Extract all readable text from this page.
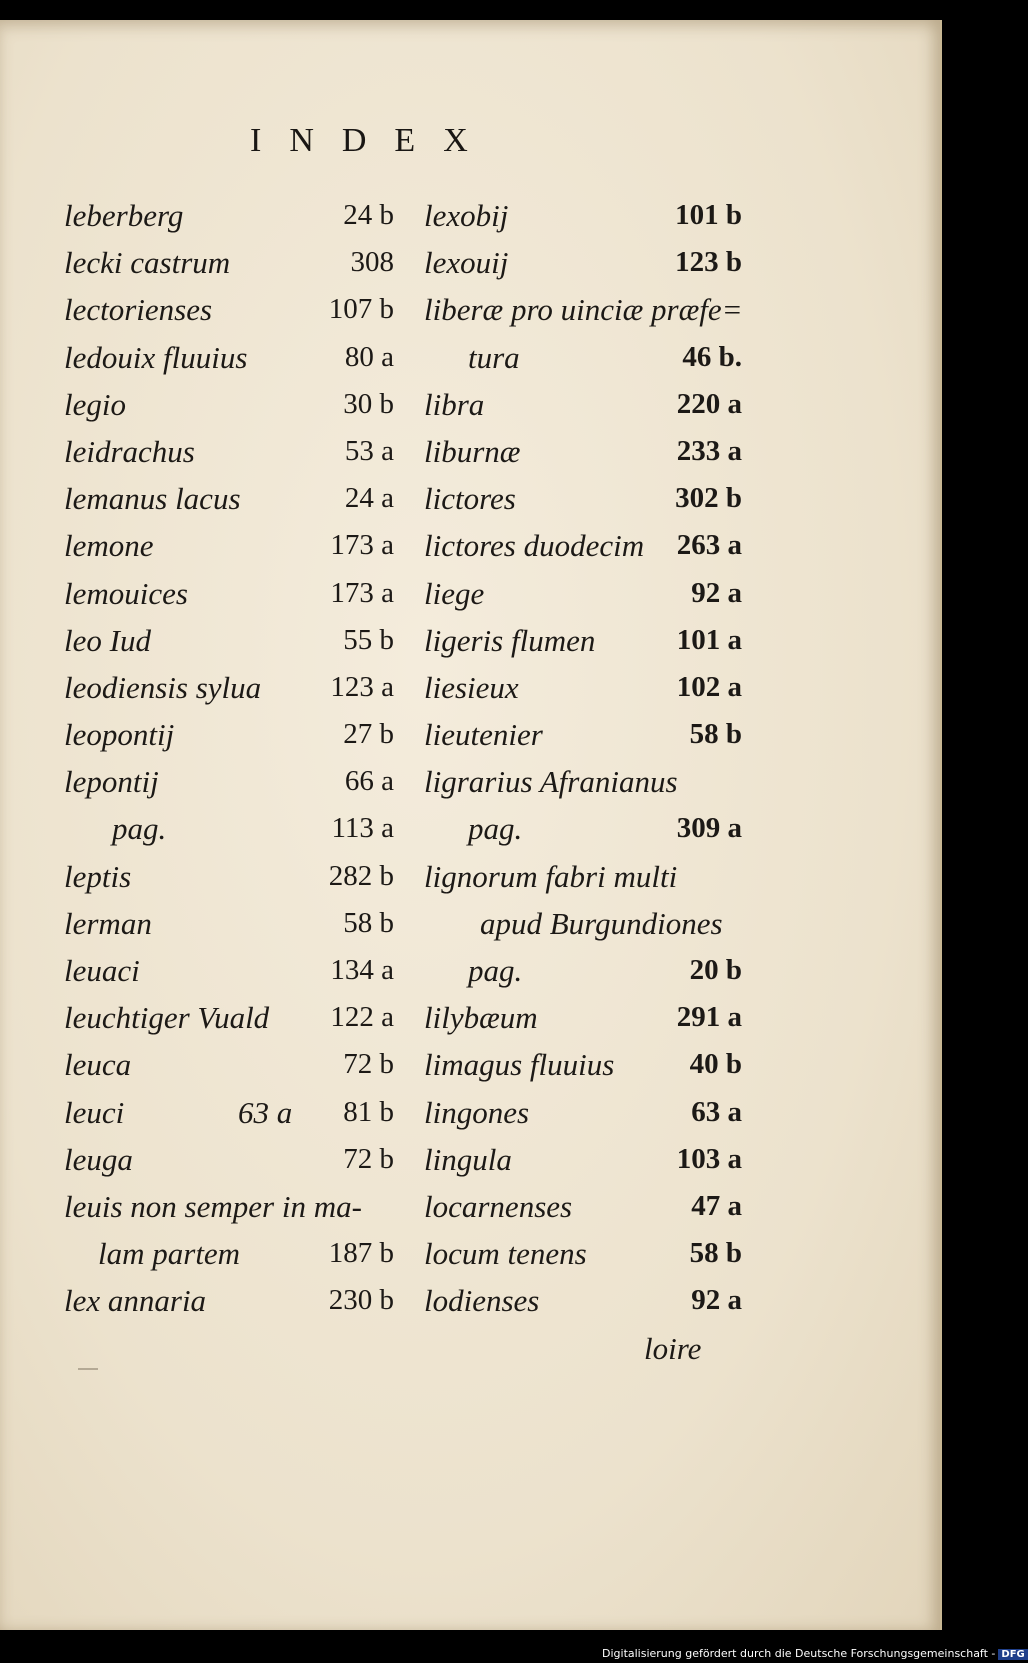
INDEX
leberberg	24 b
lecki castrum	308
lectorienses	107 b
ledouix fluuius	80 a
legio	30 b
leidrachus	53 a
lemanus lacus	24 a
lemone	173 a
lemouices	173 a
leo Iud	55 b
leodiensis sylua 123 a
leopontij	27 b
lepontij	66 a
pag.	113 a
leptis	282 b
lerman	58 b
leuaci	134 a
leuchtiger Vuald 122 a
leuca	72 b
leuci	63 a 81 b
leuga	72 b
leuis non semper in ma-
lam partem	187 b
lex annaria	230 b
lexobij	101 b
lexouij	123 b
liberæ pro uinciæ præfe=
tura	46 b.
libra	220 a
liburnæ	233 a
lictores	302 b
lictores duodecim 263 a
liege	92 a
ligeris flumen	101 a
liesieux	102 a
lieutenier	58 b
ligrarius Afranianus
pag.	309 a
lignorum fabri multi
apud Burgundiones
pag.	20 b
lilybæum	291 a
limagus fluuius	40 b
lingones	63 a
lingula	103 a
locarnenses	47 a
locum tenens	58 b
lodienses	92 a
loire
Digitalisierung gefördert durch die Deutsche Forschungsgemeinschaft - DFG
